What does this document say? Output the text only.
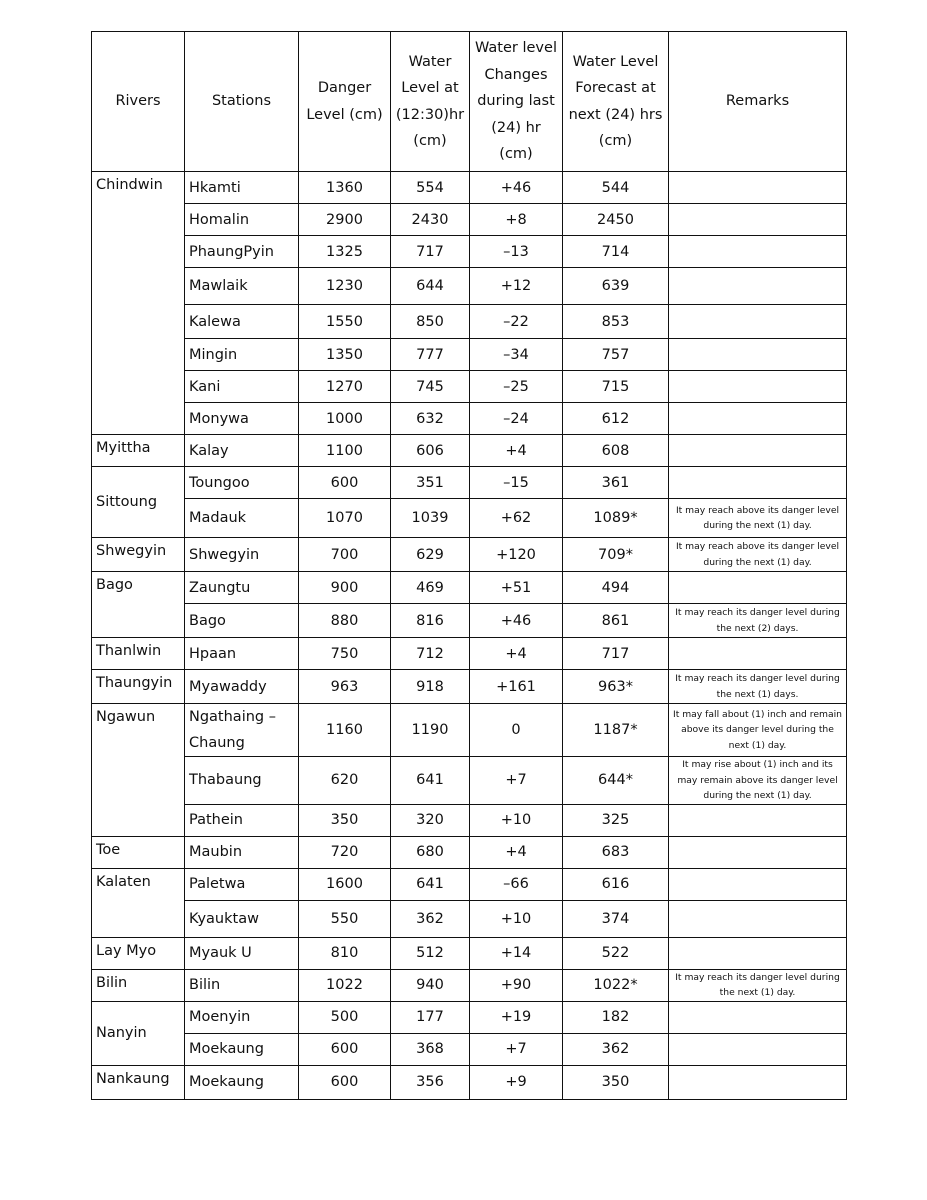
Rivers	Stations	Danger Level (cm)	Water Level at (12:30)hr (cm)	Water level Changes during last (24) hr (cm)	Water Level Forecast at next (24) hrs (cm)	Remarks
Chindwin	Hkamti	1360	554	+46	544	
	Homalin	2900	2430	+8	2450	
	PhaungPyin	1325	717	–13	714	
	Mawlaik	1230	644	+12	639	
	Kalewa	1550	850	–22	853	
	Mingin	1350	777	–34	757	
	Kani	1270	745	–25	715	
	Monywa	1000	632	–24	612	
Myittha	Kalay	1100	606	+4	608	
Sittoung	Toungoo	600	351	–15	361	
	Madauk	1070	1039	+62	1089*	It may reach above its danger level during the next (1) day.
Shwegyin	Shwegyin	700	629	+120	709*	It may reach above its danger level during the next (1) day.
Bago	Zaungtu	900	469	+51	494	
	Bago	880	816	+46	861	It may reach its danger level during the next (2) days.
Thanlwin	Hpaan	750	712	+4	717	
Thaungyin	Myawaddy	963	918	+161	963*	It may reach its danger level during the next (1) days.
Ngawun	Ngathaing – Chaung	1160	1190	0	1187*	It may fall about (1) inch and remain above its danger level during the next (1) day.
	Thabaung	620	641	+7	644*	It may rise about (1) inch and its may remain above its danger level during the next (1) day.
	Pathein	350	320	+10	325	
Toe	Maubin	720	680	+4	683	
Kalaten	Paletwa	1600	641	–66	616	
	Kyauktaw	550	362	+10	374	
Lay Myo	Myauk U	810	512	+14	522	
Bilin	Bilin	1022	940	+90	1022*	It may reach its danger level during the next (1) day.
Nanyin	Moenyin	500	177	+19	182	
	Moekaung	600	368	+7	362	
Nankaung	Moekaung	600	356	+9	350	
